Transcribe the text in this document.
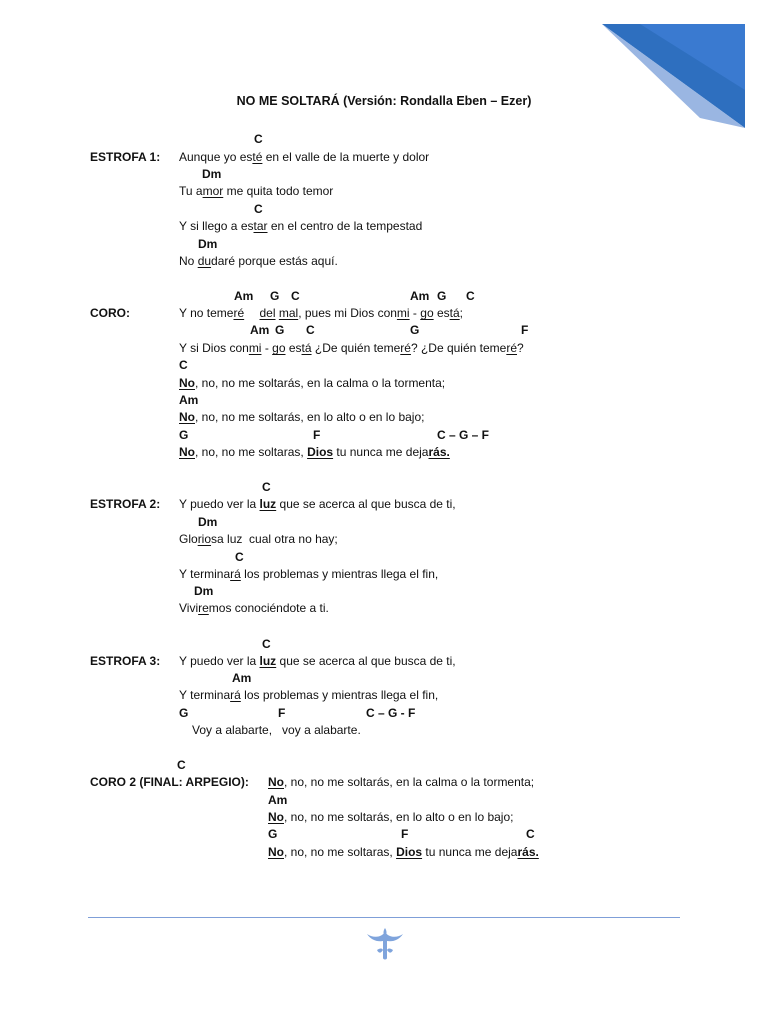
NO ME SOLTARÁ (Versión: Rondalla Eben – Ezer)
C
ESTROFA 1: Aunque yo esté en el valle de la muerte y dolor
Dm
Tu amor me quita todo temor
C
Y si llego a estar en el centro de la tempestad
Dm
No dudaré porque estás aquí.
Am G C	Am G C
CORO:	Y no temeré del mal, pues mi Dios conmi - go está;
Am G C	G	F
Y si Dios conmi - go está ¿De quién temeré? ¿De quién temeré?
C
No, no, no me soltarás, en la calma o la tormenta;
Am
No, no, no me soltarás, en lo alto o en lo bajo;
G	F	C – G – F
No, no, no me soltaras, Dios tu nunca me dejarás.
C
ESTROFA 2: Y puedo ver la luz que se acerca al que busca de ti,
Dm
Gloriosa luz  cual otra no hay;
C
Y terminará los problemas y mientras llega el fin,
Dm
Viviremos conociéndote a ti.
C
ESTROFA 3: Y puedo ver la luz que se acerca al que busca de ti,
Am
Y terminará los problemas y mientras llega el fin,
G	F	C – G - F
Voy a alabarte,   voy a alabarte.
C
CORO 2 (FINAL: ARPEGIO): No, no, no me soltarás, en la calma o la tormenta;
Am
No, no, no me soltarás, en lo alto o en lo bajo;
G	F	C
No, no, no me soltaras, Dios tu nunca me dejarás.
